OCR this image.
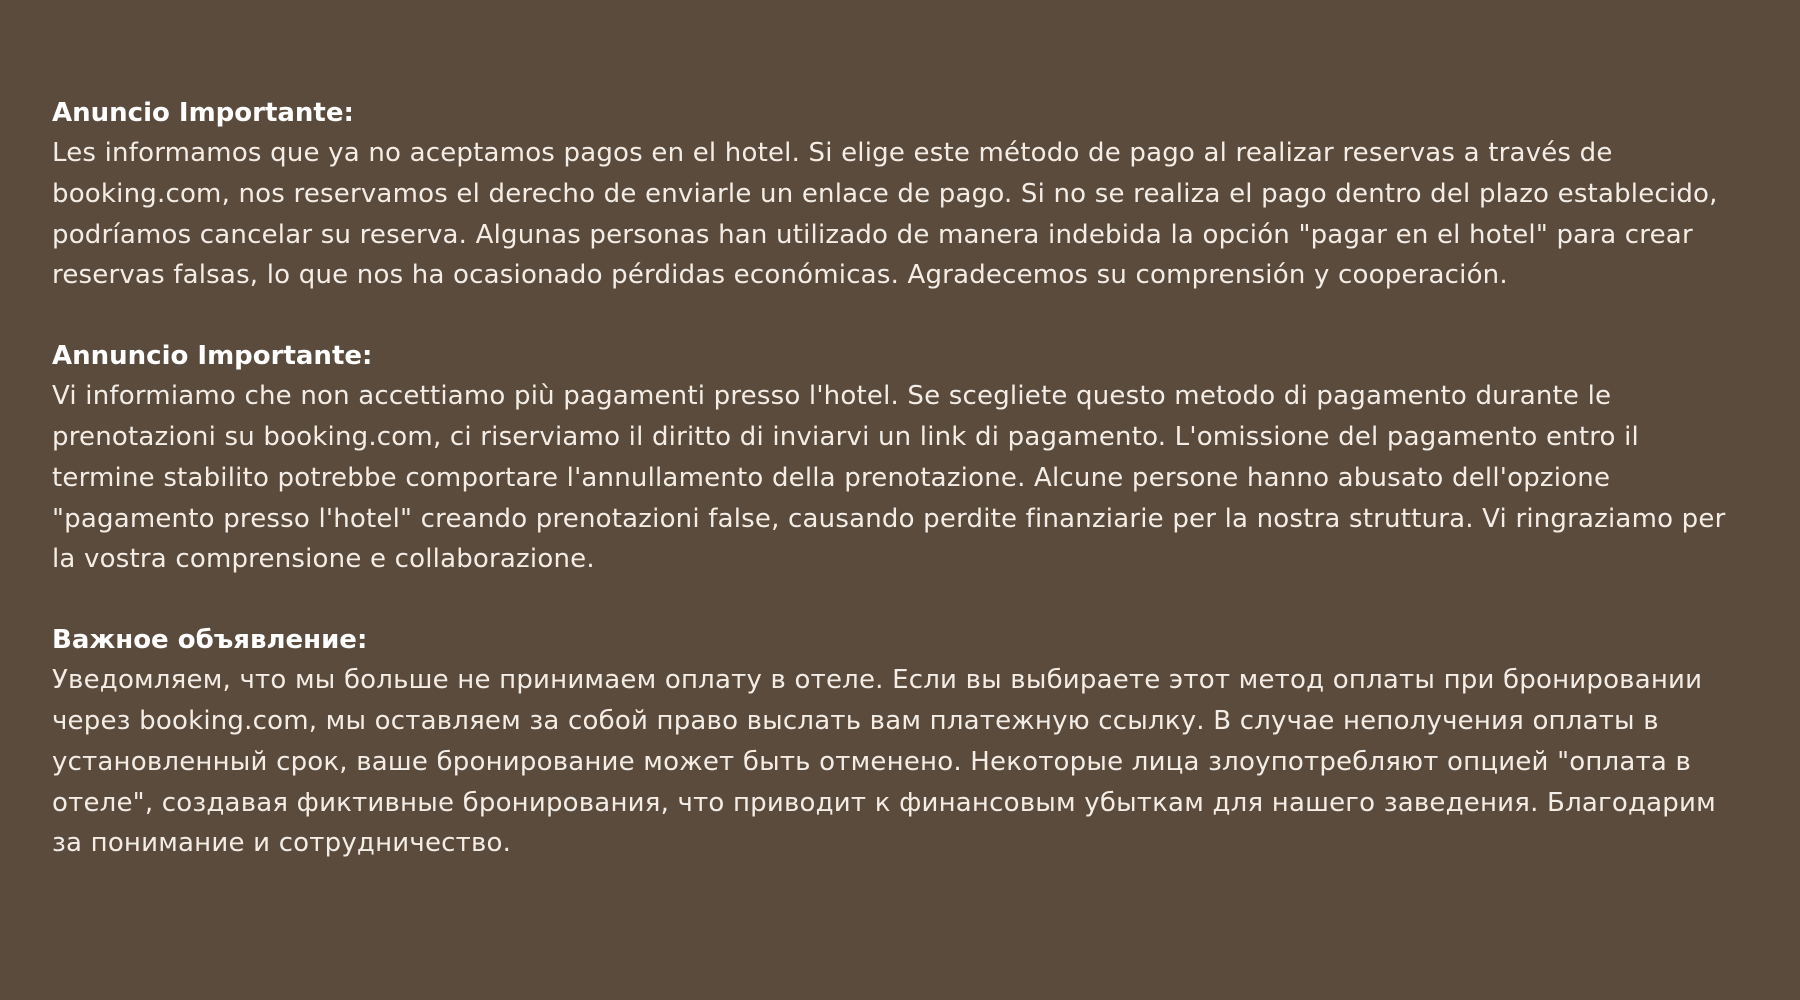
Anuncio Importante:

Les informamos que ya no aceptamos pagos en el hotel. Si elige este método de pago al realizar reservas a través de booking.com, nos reservamos el derecho de enviarle un enlace de pago. Si no se realiza el pago dentro del plazo establecido, podríamos cancelar su reserva. Algunas personas han utilizado de manera indebida la opción "pagar en el hotel" para crear reservas falsas, lo que nos ha ocasionado pérdidas económicas. Agradecemos su comprensión y cooperación.

Annuncio Importante:

Vi informiamo che non accettiamo più pagamenti presso l'hotel. Se scegliete questo metodo di pagamento durante le prenotazioni su booking.com, ci riserviamo il diritto di inviarvi un link di pagamento. L'omissione del pagamento entro il termine stabilito potrebbe comportare l'annullamento della prenotazione. Alcune persone hanno abusato dell'opzione "pagamento presso l'hotel" creando prenotazioni false, causando perdite finanziarie per la nostra struttura. Vi ringraziamo per la vostra comprensione e collaborazione.

Важное объявление:

Уведомляем, что мы больше не принимаем оплату в отеле. Если вы выбираете этот метод оплаты при бронировании через booking.com, мы оставляем за собой право выслать вам платежную ссылку. В случае неполучения оплаты в установленный срок, ваше бронирование может быть отменено. Некоторые лица злоупотребляют опцией "оплата в отеле", создавая фиктивные бронирования, что приводит к финансовым убыткам для нашего заведения. Благодарим за понимание и сотрудничество.
